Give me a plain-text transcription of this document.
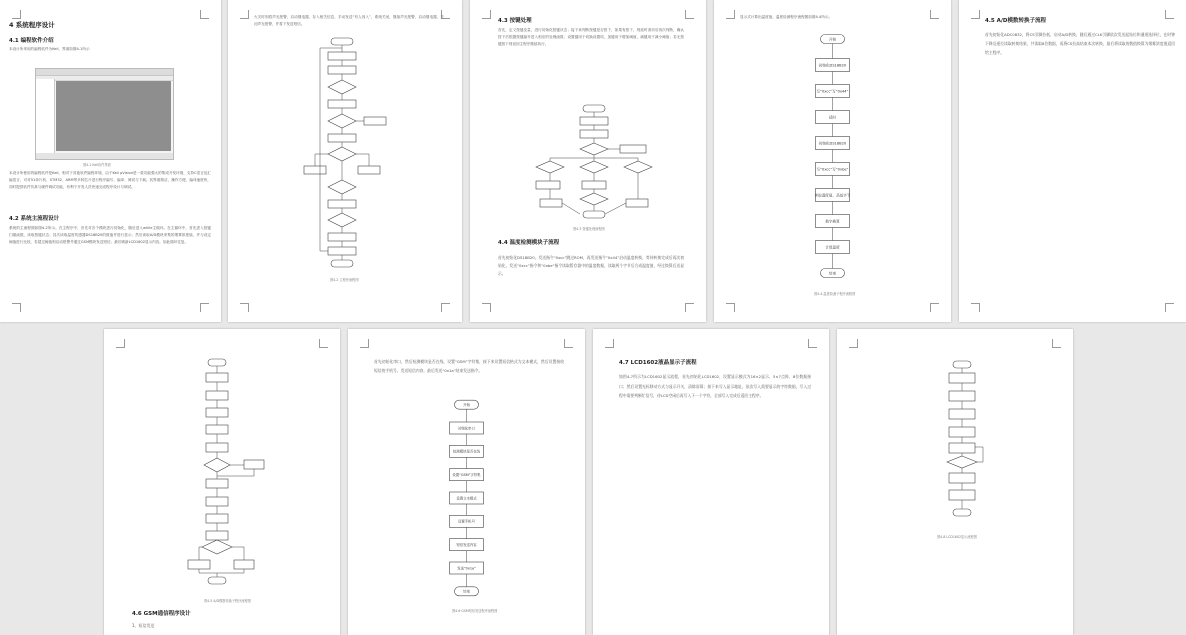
4 系统程序设计
4.1 编程软件介绍
本设计所采用的编程软件为Keil，界面如图4-1所示
图4-1 Keil软件界面
本设计所使用的编程软件是Keil，相对于其他软件编程环境，由于Keil μVision是一款功能强大的集成开发环境，支持C语言及汇编语言，可对51单片机、STM32、ARM等多种芯片进行程序编写、编译、调试与下载。其界面简洁，操作方便，编译速度快，同时提供软件仿真与硬件调试功能，有利于开发人员快速完成程序设计与调试。
4.2 系统主流程设计
系统的主流程图如图4-2所示。在主程序中，首先对各个模块进行初始化，随后进入while主循环。在主循环中，首先进入按键扫描函数，读取按键状态；其次读取温度传感器DS18B20的数值并进行显示；然后读取A/D模块采集的烟雾浓度值，并与设定阈值进行比较，若超过阈值则启动报警并通过GSM模块发送短信；最后刷新LCD1602显示内容，如此循环往复。
火灾时则将声光报警，启动继电器，存入相关信息，手动发送“有人闯入”，系统关闭，继续声光报警，启动继电器，关闭声光报警，并将下发送短信。
图4-2 主程序流程图
4.3 按键处理
首先，定义按键变量，进行初始化按键状态；接下来判断按键是否按下，如果有按下，则延时消抖后再次判断，确认按下后根据按键编号进入相应的处理函数；设置键用于切换设置项，加键用于增加阈值，减键用于减小阈值；若无按键按下则返回主程序继续执行。
图4-3 按键处理流程图
4.4 温度检测模块子流程
首先初始化DS18B20，发送指令“0xcc”跳过ROM，再发送指令“0x44”启动温度转换，等待转换完成后再次初始化，发送“0xcc”指令和“0xbe”指令读取暂存器中的温度数据，读取两个字节后合成温度值，经过换算后送显示。
显示式计算出温度值，温度检测程序流程图如图4-4所示。
开始
初始化DS18B20
写“0xcc”写“0x44”
延时
初始化DS18B20
写“0xcc”写“0xbe”
读取温度值，高低字节
数字换算
计算温度
结束
图4-4 温度检测子程序流程图
4.5 A/D模数转换子流程
首先初始化ADC0832，将CS引脚拉低，启动A/D转换，随后通过CLK引脚依次发送起始位和通道选择位，在时钟下降沿逐位读取转换结果，共读取8位数据，再将CS拉高结束本次转换，最后将读取的数值换算为烟雾浓度值返回给主程序。
图4-5 A/D模数转换子程序流程图
4.6 GSM通信程序设计
1、短信发送
首先初始化串口，然后检测模块是否在线，设置“GSM”字符集，接下来设置短信格式为文本模式，然后设置接收短信的手机号，发送短信内容，最后发送“0x1a”结束发送指令。
开始
初始化串口
检测模块是否在线
设置“GSM”字符集
设置文本模式
设置手机号
短信发送内容
发送“0x1a”
结束
图4-6 GSM短信发送程序流程图
4.7 LCD1602液晶显示子流程
如图4-7所示为LCD1602显示流程，首先初始化LCD1602，设置显示模式为16×2显示、5×7点阵、8位数据接口；然后设置光标移动方式与显示开关，清除屏幕；接下来写入显示地址，依次写入需要显示的字符数据，写入过程中需要判断忙信号，待LCD空闲后再写入下一个字符，全部写入完成后返回主程序。
图4-8 LCD1602显示流程图
